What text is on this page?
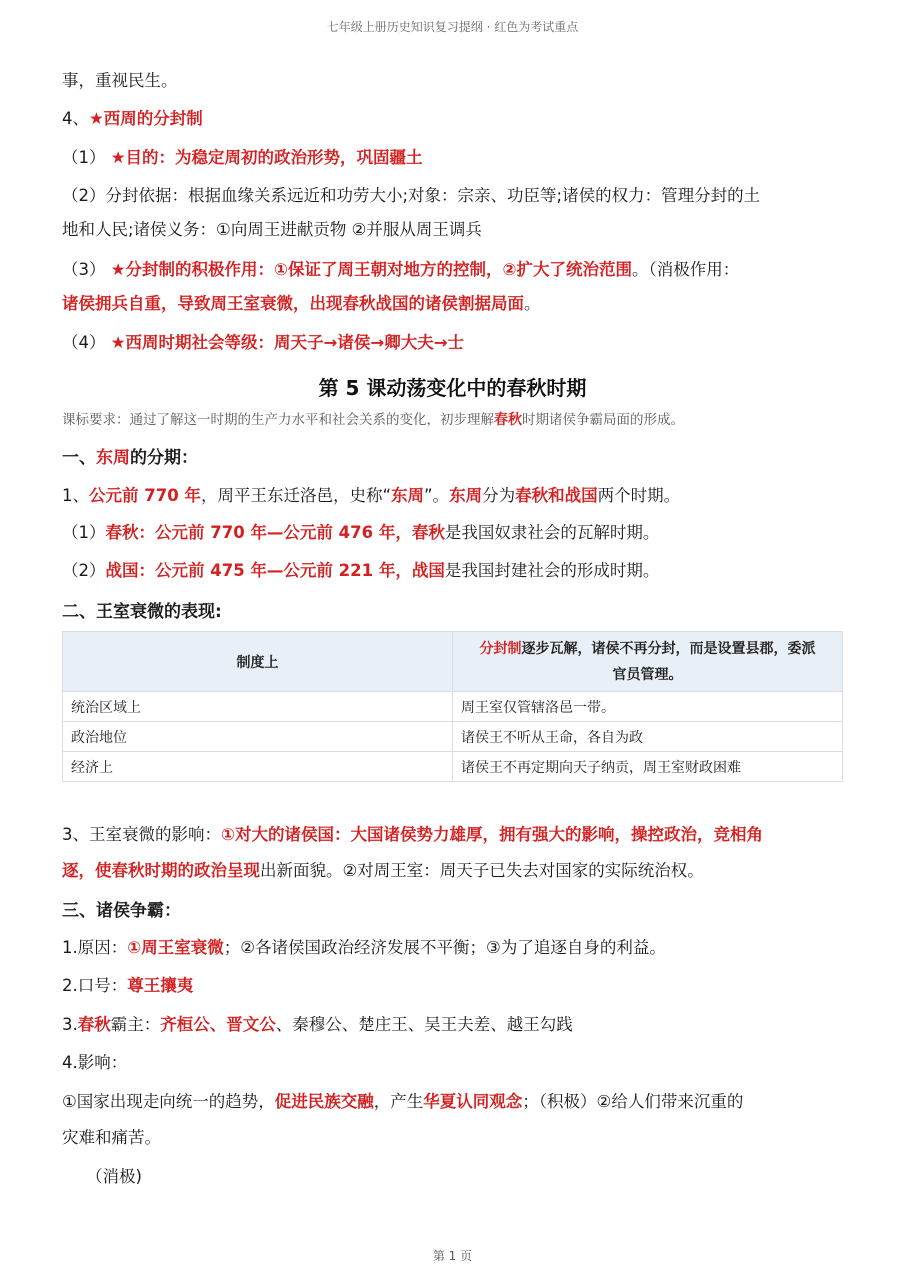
七年级上册历史知识复习提纲 · 红色为考试重点
事，重视民生。
4、★西周的分封制
（1） ★目的：为稳定周初的政治形势，巩固疆土
（2）分封依据：根据血缘关系远近和功劳大小;对象：宗亲、功臣等;诸侯的权力：管理分封的土
地和人民;诸侯义务：①向周王进献贡物 ②并服从周王调兵
（3） ★分封制的积极作用：①保证了周王朝对地方的控制，②扩大了统治范围。（消极作用：
诸侯拥兵自重，导致周王室衰微，出现春秋战国的诸侯割据局面。
（4） ★西周时期社会等级：周天子→诸侯→卿大夫→士
第 5 课动荡变化中的春秋时期
课标要求：通过了解这一时期的生产力水平和社会关系的变化，初步理解春秋时期诸侯争霸局面的形成。
一、东周的分期：
1、公元前 770 年，周平王东迁洛邑，史称“东周”。东周分为春秋和战国两个时期。
（1）春秋：公元前 770 年—公元前 476 年，春秋是我国奴隶社会的瓦解时期。
（2）战国：公元前 475 年—公元前 221 年，战国是我国封建社会的形成时期。
二、王室衰微的表现:
制度上	分封制逐步瓦解，诸侯不再分封，而是设置县郡，委派
官员管理。
统治区域上	周王室仅管辖洛邑一带。
政治地位	诸侯王不听从王命，各自为政
经济上	诸侯王不再定期向天子纳贡，周王室财政困难
3、王室衰微的影响：①对大的诸侯国：大国诸侯势力雄厚，拥有强大的影响，操控政治，竞相角
逐，使春秋时期的政治呈现出新面貌。②对周王室：周天子已失去对国家的实际统治权。
三、诸侯争霸：
1.原因：①周王室衰微；②各诸侯国政治经济发展不平衡；③为了追逐自身的利益。
2.口号：尊王攘夷
3.春秋霸主：齐桓公、晋文公、秦穆公、楚庄王、吴王夫差、越王勾践
4.影响：
①国家出现走向统一的趋势，促进民族交融，产生华夏认同观念；（积极）②给人们带来沉重的
灾难和痛苦。
（消极)
第 1 页
